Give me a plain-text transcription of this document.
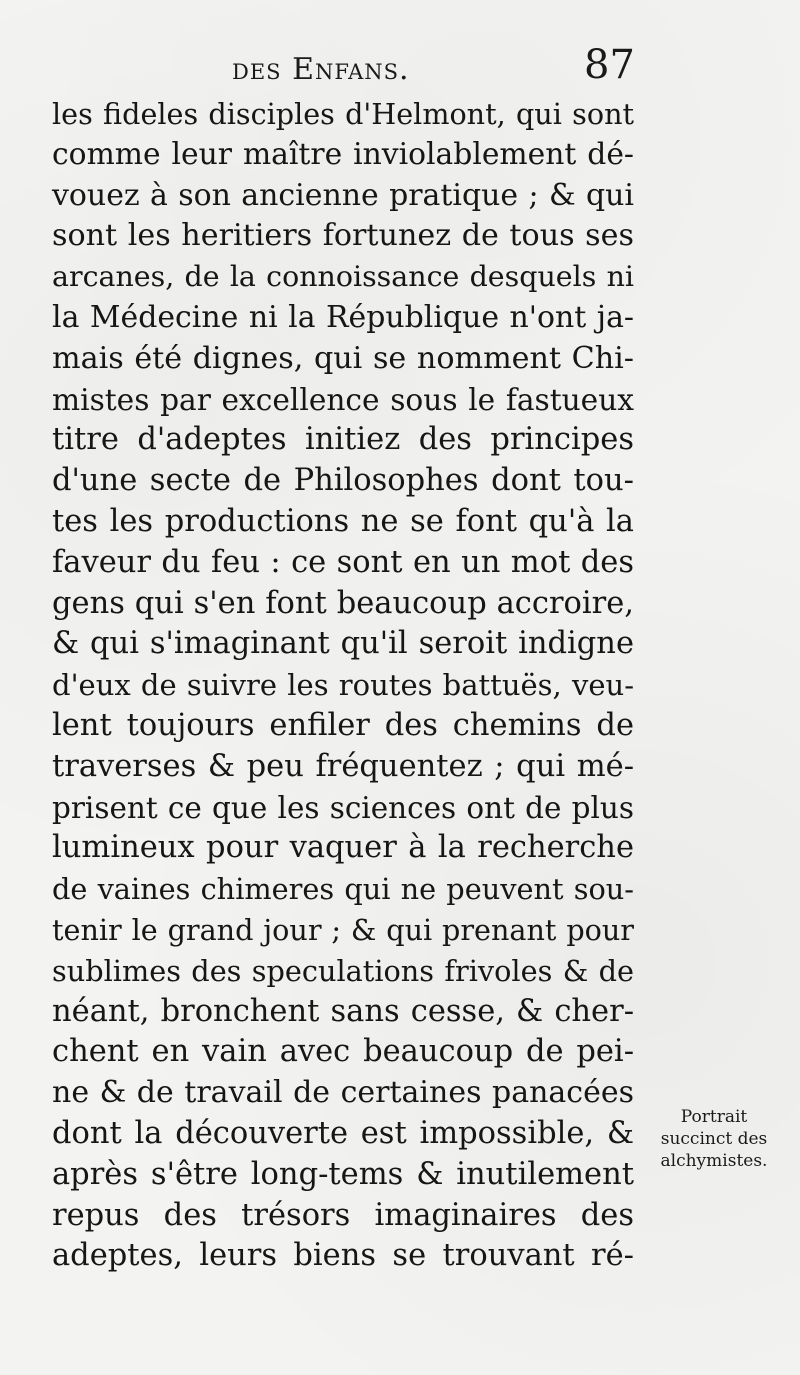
des Enfans.	87
les fideles disciples d'Helmont, qui sont
comme leur maître inviolablement dé-
vouez à son ancienne pratique ; & qui
sont les heritiers fortunez de tous ses
arcanes, de la connoissance desquels ni
la Médecine ni la République n'ont ja-
mais été dignes, qui se nomment Chi-
mistes par excellence sous le fastueux
titre d'adeptes initiez des principes
d'une secte de Philosophes dont tou-
tes les productions ne se font qu'à la
faveur du feu : ce sont en un mot des
gens qui s'en font beaucoup accroire,
& qui s'imaginant qu'il seroit indigne
d'eux de suivre les routes battuës, veu-
lent toujours enfiler des chemins de
traverses & peu fréquentez ; qui mé-
prisent ce que les sciences ont de plus
lumineux pour vaquer à la recherche
de vaines chimeres qui ne peuvent sou-
tenir le grand jour ; & qui prenant pour
sublimes des speculations frivoles & de
néant, bronchent sans cesse, & cher-
chent en vain avec beaucoup de pei-
ne & de travail de certaines panacées
dont la découverte est impossible, &
après s'être long-tems & inutilement
repus des trésors imaginaires des
adeptes, leurs biens se trouvant ré-
Portrait
succinct des
alchymistes.
